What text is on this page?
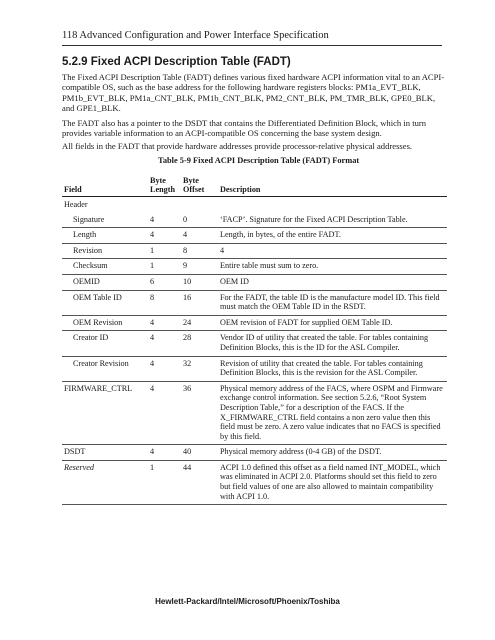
118 Advanced Configuration and Power Interface Specification
5.2.9 Fixed ACPI Description Table (FADT)
The Fixed ACPI Description Table (FADT) defines various fixed hardware ACPI information vital to an ACPI-compatible OS, such as the base address for the following hardware registers blocks: PM1a_EVT_BLK, PM1b_EVT_BLK, PM1a_CNT_BLK, PM1b_CNT_BLK, PM2_CNT_BLK, PM_TMR_BLK, GPE0_BLK, and GPE1_BLK.
The FADT also has a pointer to the DSDT that contains the Differentiated Definition Block, which in turn provides variable information to an ACPI-compatible OS concerning the base system design.
All fields in the FADT that provide hardware addresses provide processor-relative physical addresses.
Table 5-9 Fixed ACPI Description Table (FADT) Format
Field	Byte Length	Byte Offset	Description
Header			
Signature	4	0	‘FACP’. Signature for the Fixed ACPI Description Table.
Length	4	4	Length, in bytes, of the entire FADT.
Revision	1	8	4
Checksum	1	9	Entire table must sum to zero.
OEMID	6	10	OEM ID
OEM Table ID	8	16	For the FADT, the table ID is the manufacture model ID. This field must match the OEM Table ID in the RSDT.
OEM Revision	4	24	OEM revision of FADT for supplied OEM Table ID.
Creator ID	4	28	Vendor ID of utility that created the table. For tables containing Definition Blocks, this is the ID for the ASL Compiler.
Creator Revision	4	32	Revision of utility that created the table. For tables containing Definition Blocks, this is the revision for the ASL Compiler.
FIRMWARE_CTRL	4	36	Physical memory address of the FACS, where OSPM and Firmware exchange control information. See section 5.2.6, “Root System Description Table,” for a description of the FACS. If the X_FIRMWARE_CTRL field contains a non zero value then this field must be zero. A zero value indicates that no FACS is specified by this field.
DSDT	4	40	Physical memory address (0-4 GB) of the DSDT.
Reserved	1	44	ACPI 1.0 defined this offset as a field named INT_MODEL, which was eliminated in ACPI 2.0. Platforms should set this field to zero but field values of one are also allowed to maintain compatibility with ACPI 1.0.
Hewlett-Packard/Intel/Microsoft/Phoenix/Toshiba
